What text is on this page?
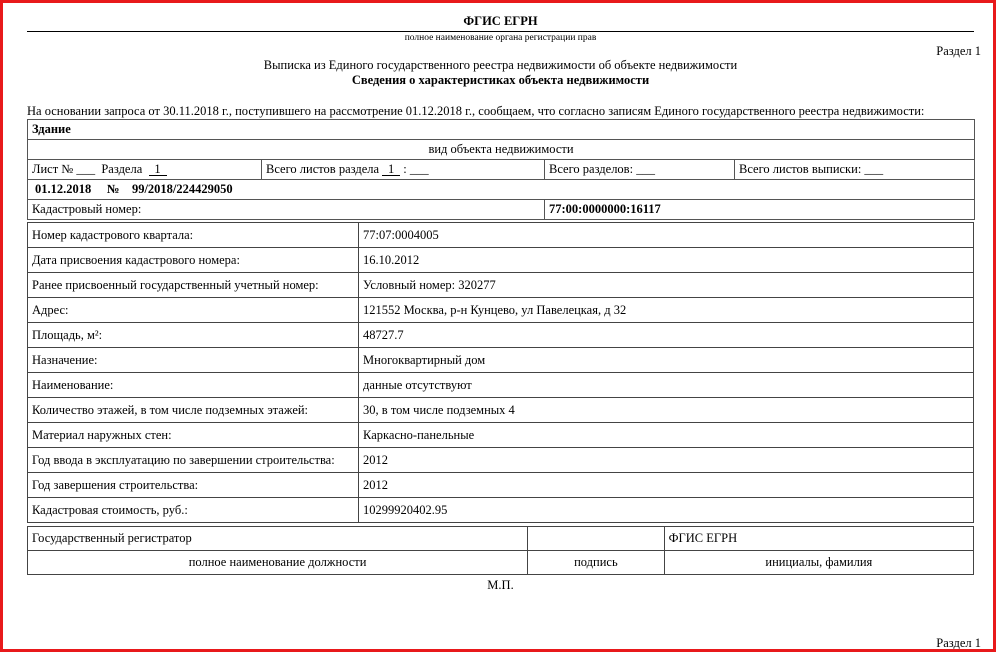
ФГИС ЕГРН
полное наименование органа регистрации прав
Выписка из Единого государственного реестра недвижимости об объекте недвижимости
Сведения о характеристиках объекта недвижимости
На основании запроса от 30.11.2018 г., поступившего на рассмотрение 01.12.2018 г., сообщаем, что согласно записям Единого государственного реестра недвижимости:
Здание			
вид объекта недвижимости			
Лист № ___ Раздела 1	Всего листов раздела 1 : ___	Всего разделов: ___	Всего листов выписки: ___
01.12.2018 № 99/2018/224429050			
Кадастровый номер:		77:00:0000000:16117	
Номер кадастрового квартала:	77:07:0004005
Дата присвоения кадастрового номера:	16.10.2012
Ранее присвоенный государственный учетный номер:	Условный номер: 320277
Адрес:	121552 Москва, р-н Кунцево, ул Павелецкая, д 32
Площадь, м²:	48727.7
Назначение:	Многоквартирный дом
Наименование:	данные отсутствуют
Количество этажей, в том числе подземных этажей:	30, в том числе подземных 4
Материал наружных стен:	Каркасно-панельные
Год ввода в эксплуатацию по завершении строительства:	2012
Год завершения строительства:	2012
Кадастровая стоимость, руб.:	10299920402.95
Государственный регистратор		ФГИС ЕГРН
полное наименование должности	подпись	инициалы, фамилия
М.П.
Раздел 1
Раздел 1
